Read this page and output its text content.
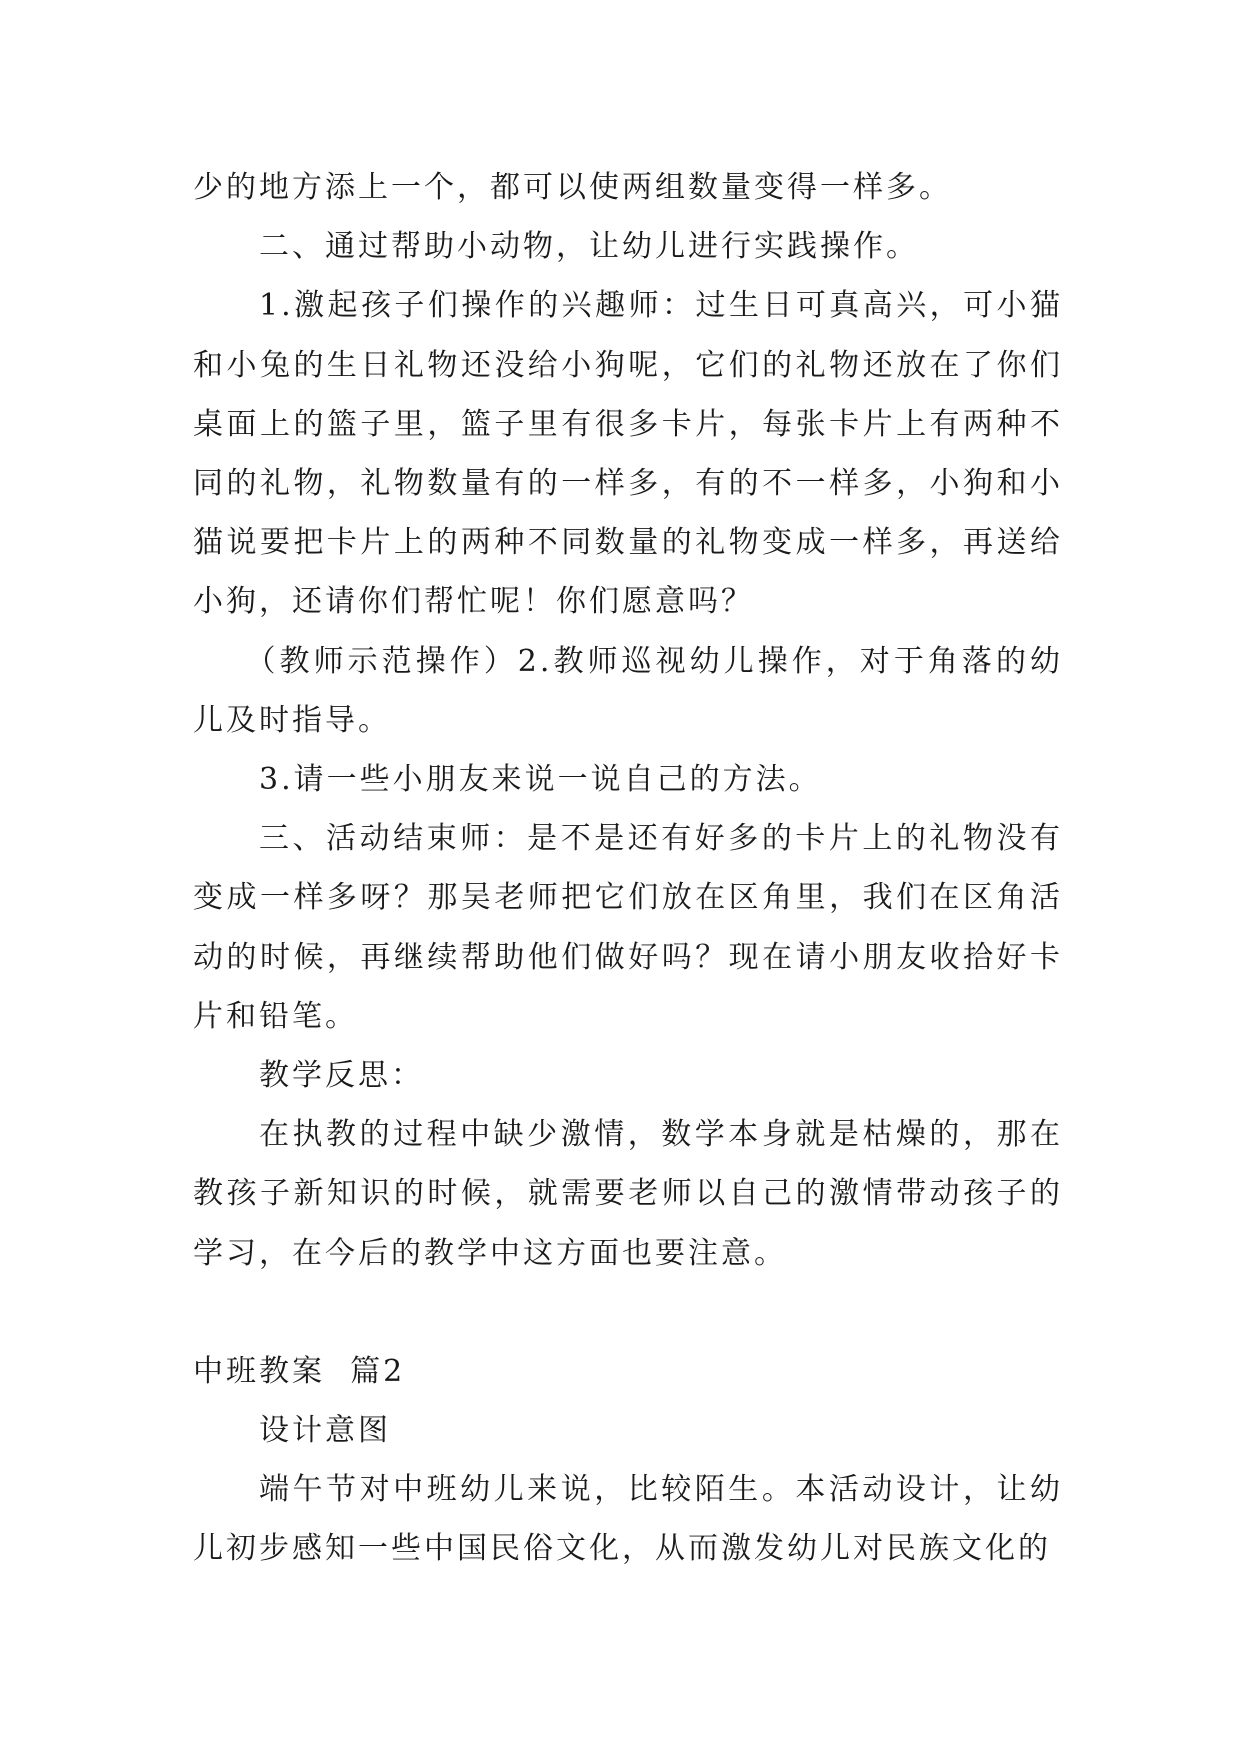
少的地方添上一个，都可以使两组数量变得一样多。

二、通过帮助小动物，让幼儿进行实践操作。

1.激起孩子们操作的兴趣师：过生日可真高兴，可小猫和小兔的生日礼物还没给小狗呢，它们的礼物还放在了你们桌面上的篮子里，篮子里有很多卡片，每张卡片上有两种不同的礼物，礼物数量有的一样多，有的不一样多，小狗和小猫说要把卡片上的两种不同数量的礼物变成一样多，再送给小狗，还请你们帮忙呢！你们愿意吗？

（教师示范操作）2.教师巡视幼儿操作，对于角落的幼儿及时指导。

3.请一些小朋友来说一说自己的方法。

三、活动结束师：是不是还有好多的卡片上的礼物没有变成一样多呀？那吴老师把它们放在区角里，我们在区角活动的时候，再继续帮助他们做好吗？现在请小朋友收拾好卡片和铅笔。

教学反思：

在执教的过程中缺少激情，数学本身就是枯燥的，那在教孩子新知识的时候，就需要老师以自己的激情带动孩子的学习，在今后的教学中这方面也要注意。

中班教案  篇2

设计意图

端午节对中班幼儿来说，比较陌生。本活动设计，让幼儿初步感知一些中国民俗文化，从而激发幼儿对民族文化的
